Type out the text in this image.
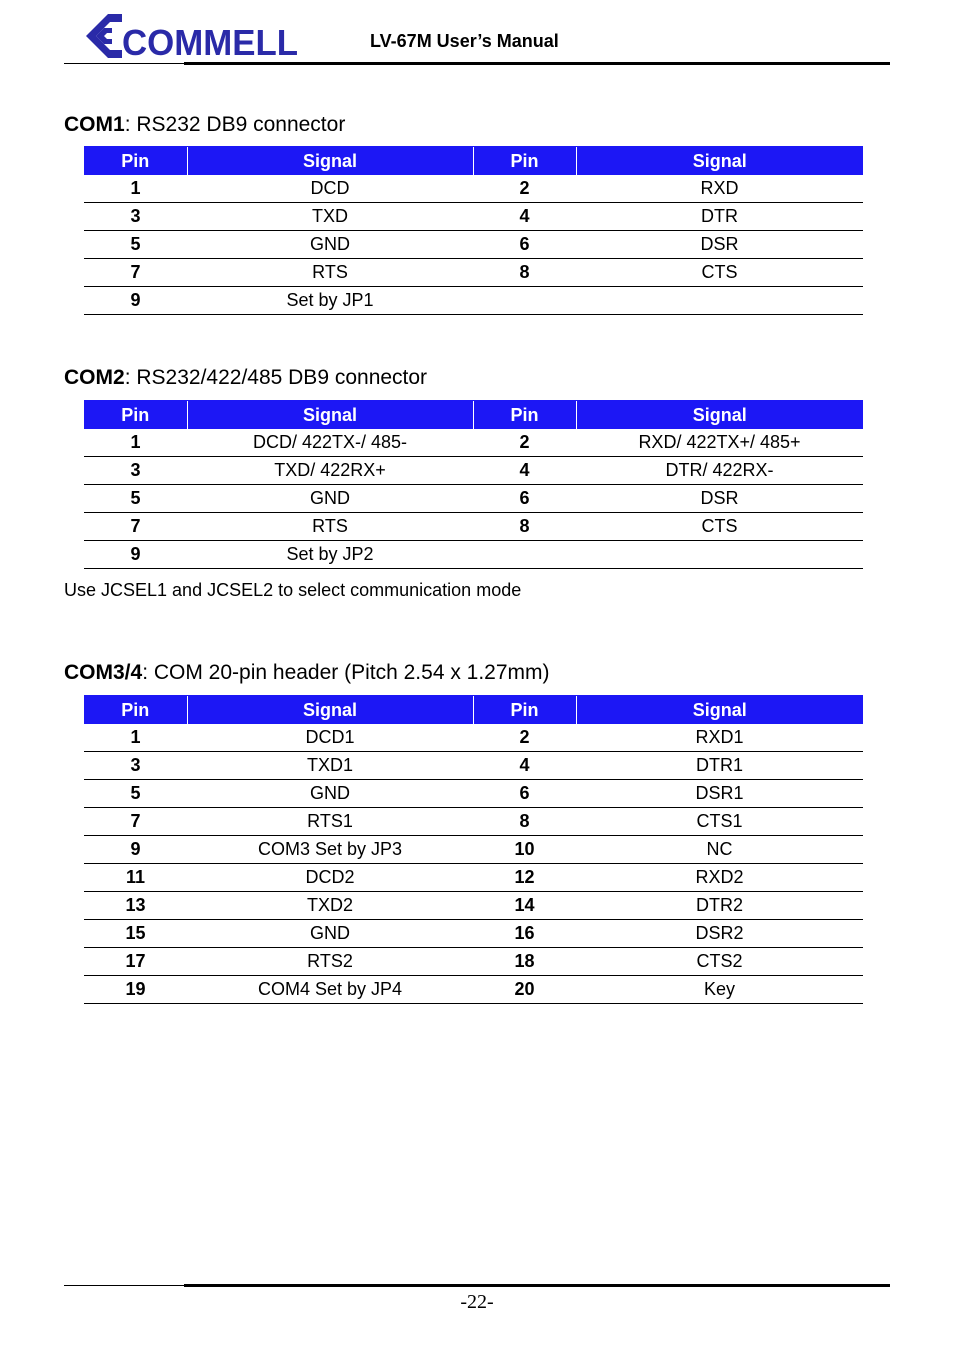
COMMELL	LV-67M User’s Manual
COM1: RS232 DB9 connector
Pin	Signal	Pin	Signal
1	DCD	2	RXD
3	TXD	4	DTR
5	GND	6	DSR
7	RTS	8	CTS
9	Set by JP1		
COM2: RS232/422/485 DB9 connector
Pin	Signal	Pin	Signal
1	DCD/ 422TX-/ 485-	2	RXD/ 422TX+/ 485+
3	TXD/ 422RX+	4	DTR/ 422RX-
5	GND	6	DSR
7	RTS	8	CTS
9	Set by JP2		
Use JCSEL1 and JCSEL2 to select communication mode
COM3/4: COM 20-pin header (Pitch 2.54 x 1.27mm)
Pin	Signal	Pin	Signal
1	DCD1	2	RXD1
3	TXD1	4	DTR1
5	GND	6	DSR1
7	RTS1	8	CTS1
9	COM3 Set by JP3	10	NC
11	DCD2	12	RXD2
13	TXD2	14	DTR2
15	GND	16	DSR2
17	RTS2	18	CTS2
19	COM4 Set by JP4	20	Key
-22-
